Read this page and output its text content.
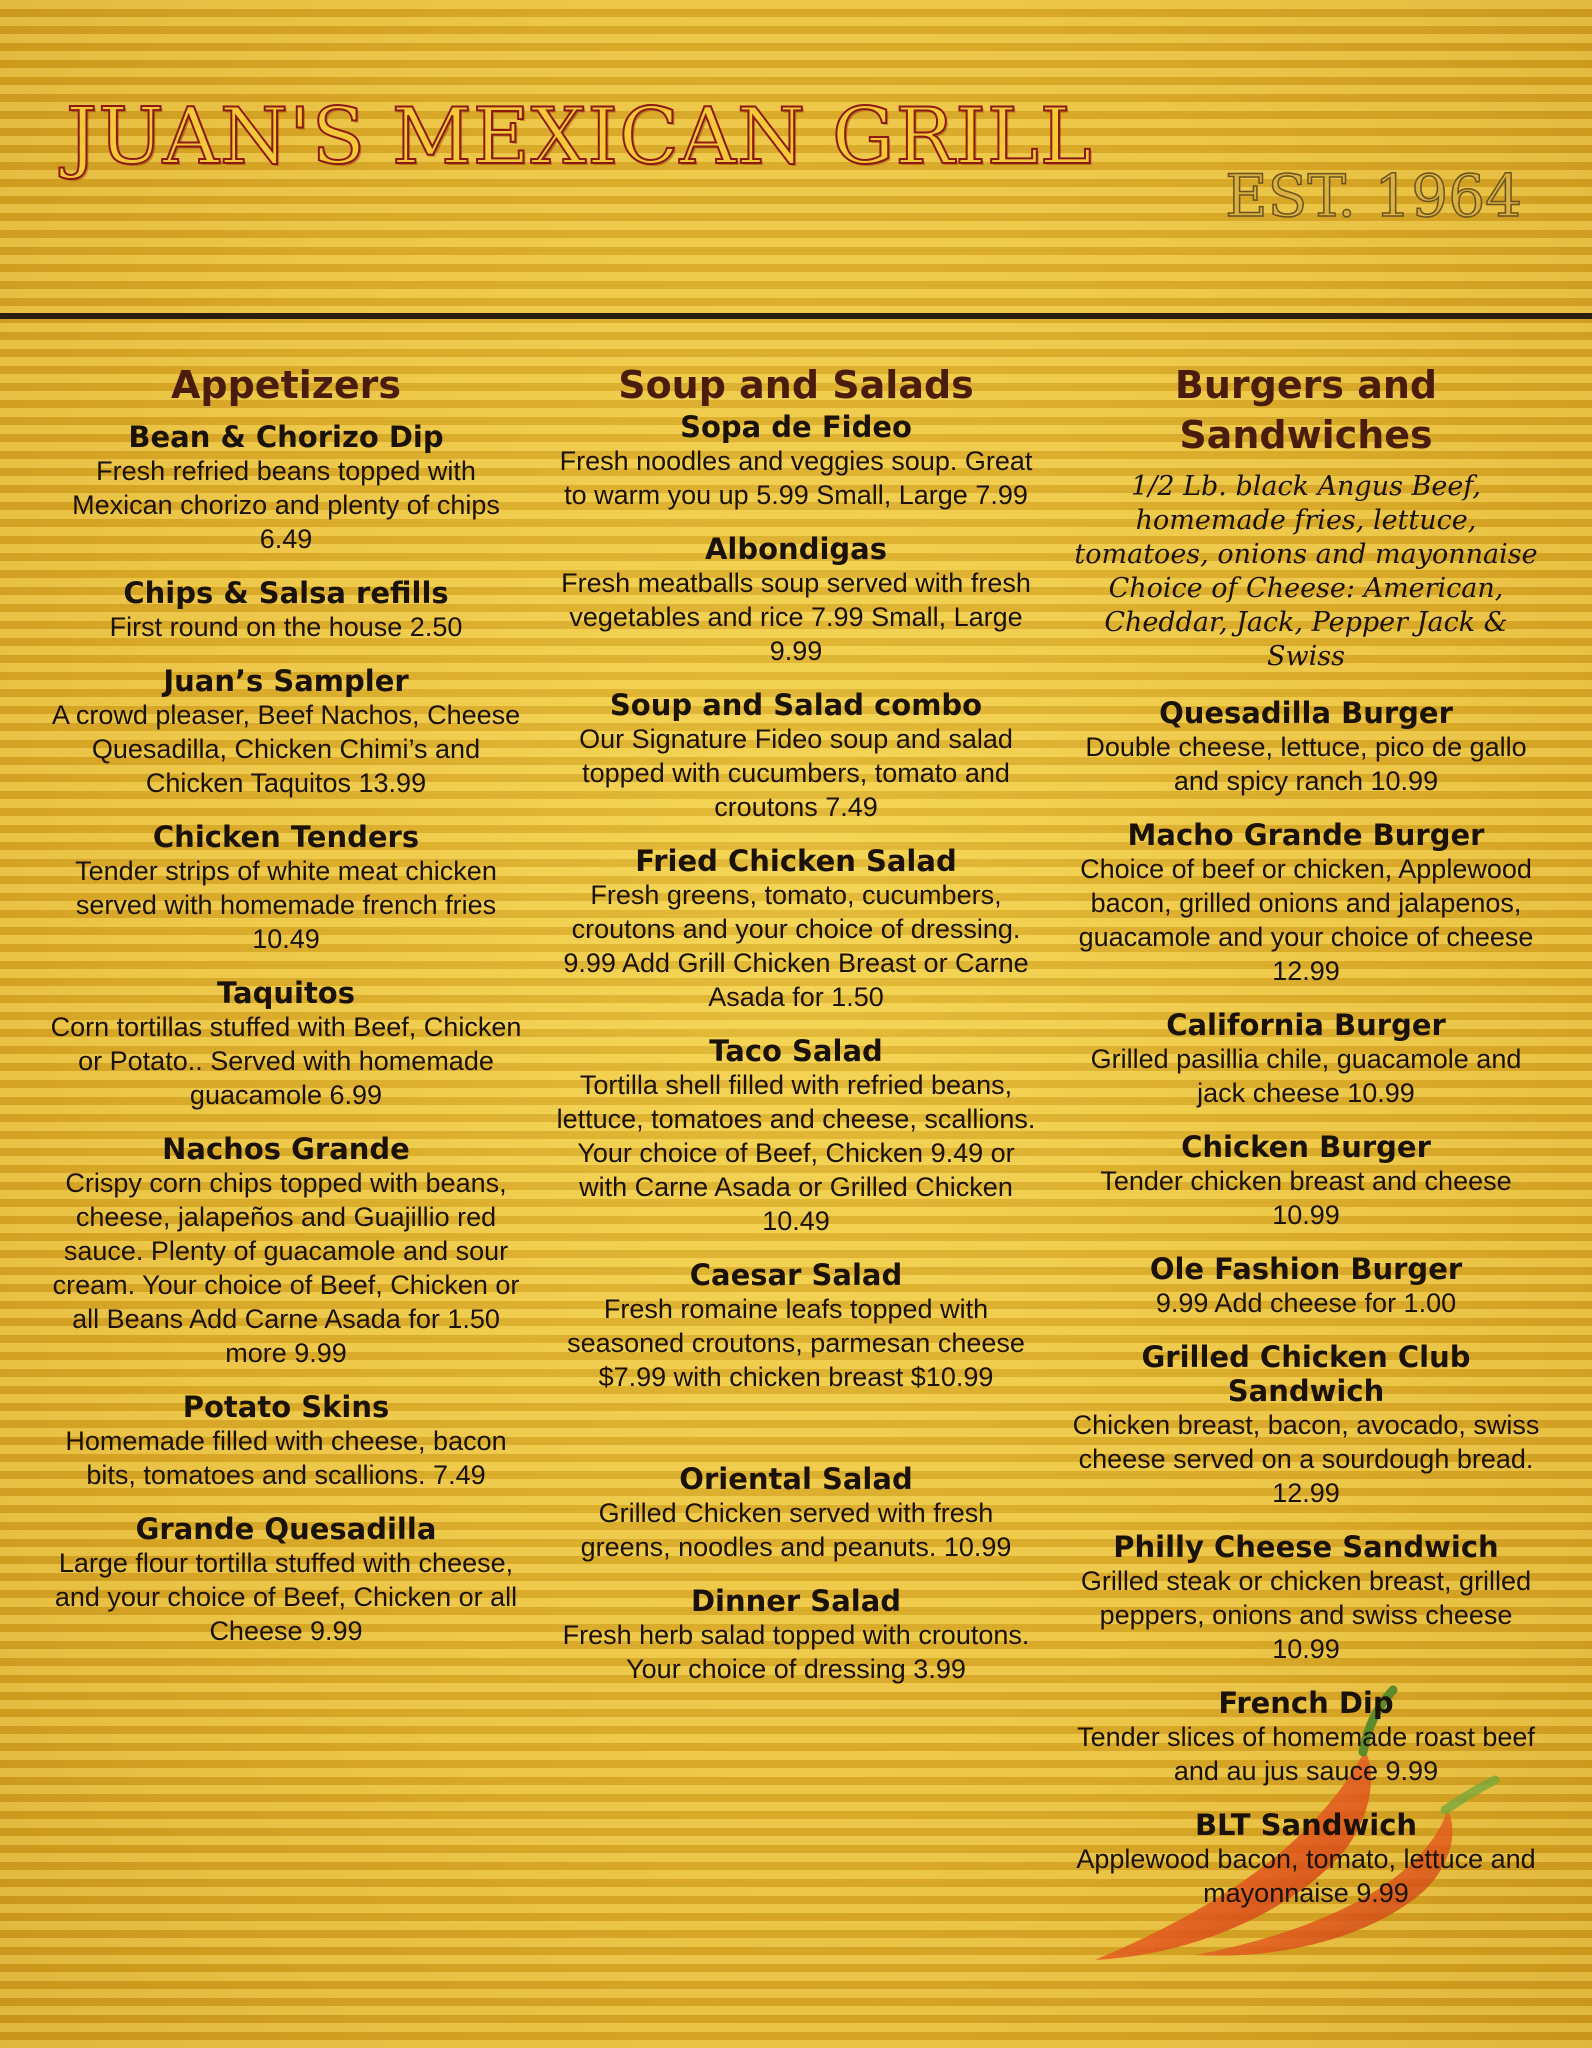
JUAN'S MEXICAN GRILL
EST. 1964
Appetizers
Bean & Chorizo Dip
Fresh refried beans topped with Mexican chorizo and plenty of chips 6.49
Chips & Salsa refills
First round on the house 2.50
Juan’s Sampler
A crowd pleaser, Beef Nachos, Cheese Quesadilla, Chicken Chimi’s and Chicken Taquitos 13.99
Chicken Tenders
Tender strips of white meat chicken served with homemade french fries 10.49
Taquitos
Corn tortillas stuffed with Beef, Chicken or Potato.. Served with homemade guacamole 6.99
Nachos Grande
Crispy corn chips topped with beans, cheese, jalapeños and Guajillio red sauce. Plenty of guacamole and sour cream. Your choice of Beef, Chicken or all Beans Add Carne Asada for 1.50 more 9.99
Potato Skins
Homemade filled with cheese, bacon bits, tomatoes and scallions. 7.49
Grande Quesadilla
Large flour tortilla stuffed with cheese, and your choice of Beef, Chicken or all Cheese 9.99
Soup and Salads
Sopa de Fideo
Fresh noodles and veggies soup. Great to warm you up 5.99 Small, Large 7.99
Albondigas
Fresh meatballs soup served with fresh vegetables and rice 7.99 Small, Large 9.99
Soup and Salad combo
Our Signature Fideo soup and salad topped with cucumbers, tomato and croutons 7.49
Fried Chicken Salad
Fresh greens, tomato, cucumbers, croutons and your choice of dressing. 9.99 Add Grill Chicken Breast or Carne Asada for 1.50
Taco Salad
Tortilla shell filled with refried beans, lettuce, tomatoes and cheese, scallions. Your choice of Beef, Chicken 9.49 or with Carne Asada or Grilled Chicken 10.49
Caesar Salad
Fresh romaine leafs topped with seasoned croutons, parmesan cheese $7.99 with chicken breast $10.99
Oriental Salad
Grilled Chicken served with fresh greens, noodles and peanuts. 10.99
Dinner Salad
Fresh herb salad topped with croutons. Your choice of dressing 3.99
Burgers and Sandwiches
1/2 Lb. black Angus Beef, homemade fries, lettuce, tomatoes, onions and mayonnaise Choice of Cheese: American, Cheddar, Jack, Pepper Jack & Swiss
Quesadilla Burger
Double cheese, lettuce, pico de gallo and spicy ranch 10.99
Macho Grande Burger
Choice of beef or chicken, Applewood bacon, grilled onions and jalapenos, guacamole and your choice of cheese 12.99
California Burger
Grilled pasillia chile, guacamole and jack cheese 10.99
Chicken Burger
Tender chicken breast and cheese 10.99
Ole Fashion Burger
9.99 Add cheese for 1.00
Grilled Chicken Club Sandwich
Chicken breast, bacon, avocado, swiss cheese served on a sourdough bread. 12.99
Philly Cheese Sandwich
Grilled steak or chicken breast, grilled peppers, onions and swiss cheese 10.99
French Dip
Tender slices of homemade roast beef and au jus sauce 9.99
BLT Sandwich
Applewood bacon, tomato, lettuce and mayonnaise 9.99
